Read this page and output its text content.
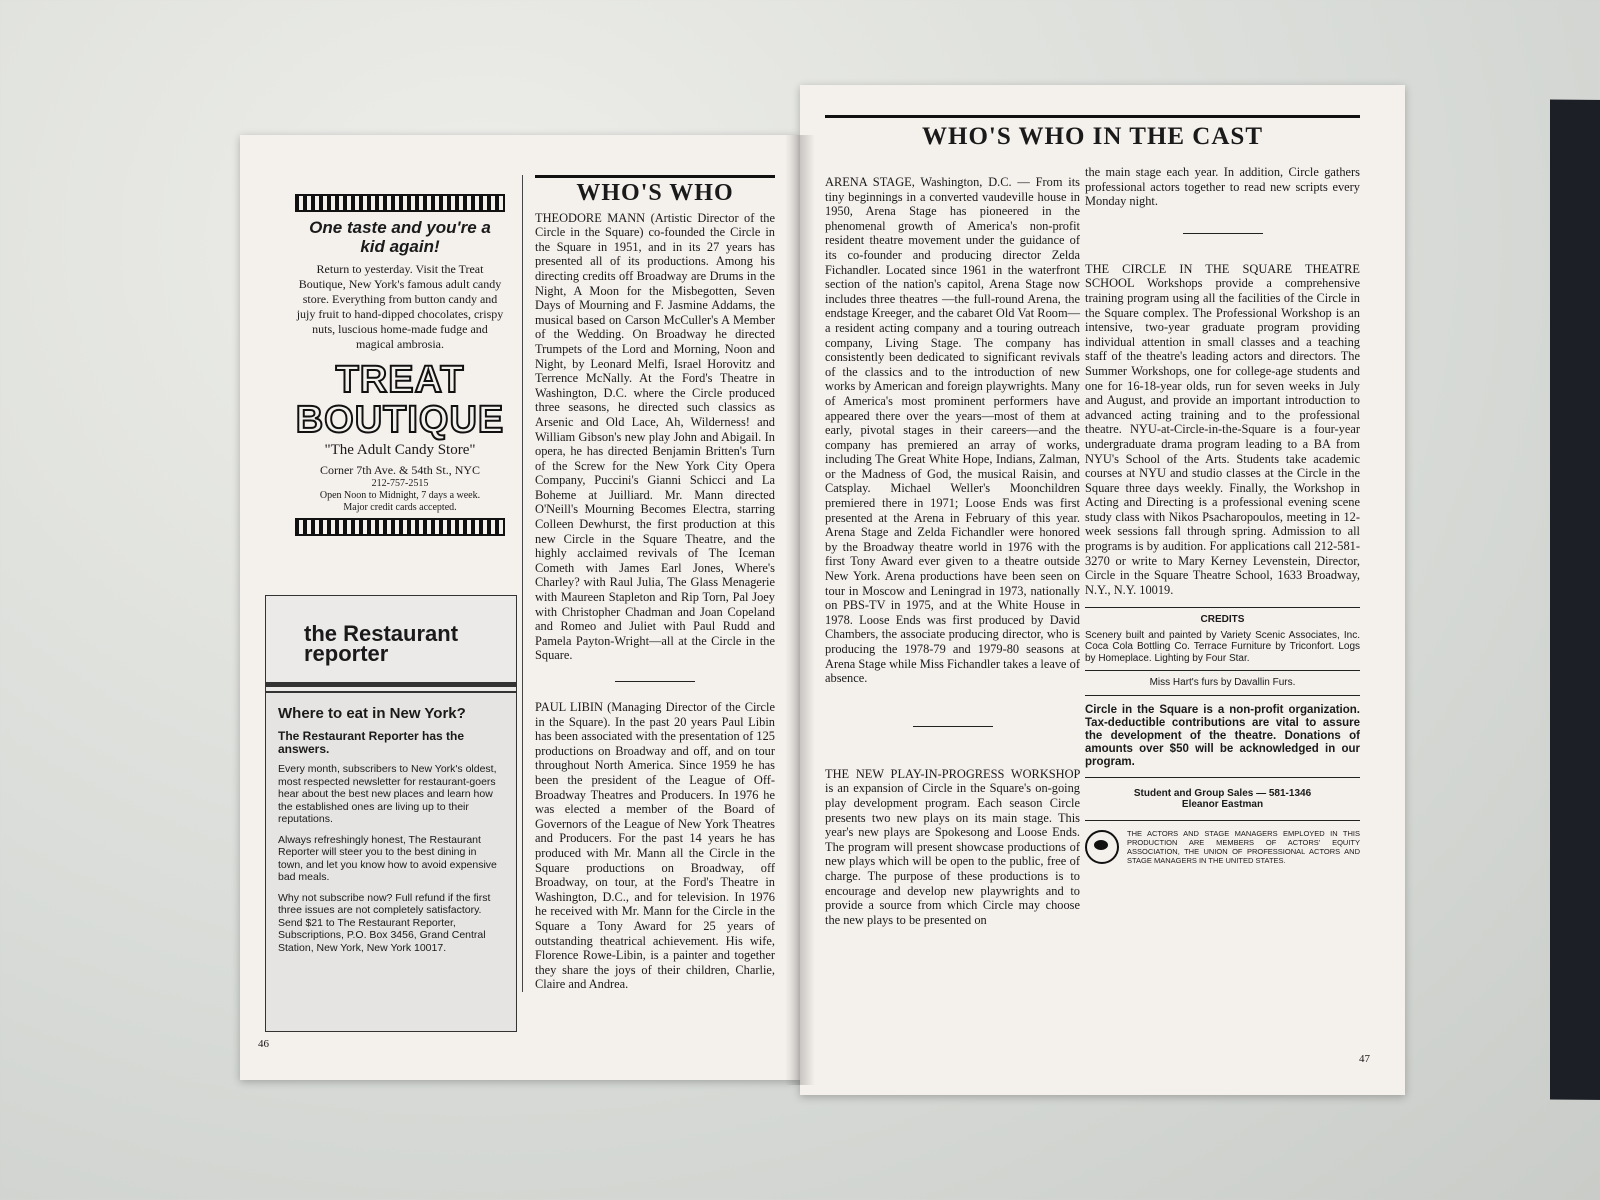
One taste and you're a kid again!
Return to yesterday. Visit the Treat Boutique, New York's famous adult candy store. Everything from button candy and jujy fruit to hand-dipped chocolates, crispy nuts, luscious home-made fudge and magical ambrosia.
TREAT BOUTIQUE
"The Adult Candy Store"
Corner 7th Ave. & 54th St., NYC
212-757-2515
Open Noon to Midnight, 7 days a week.
Major credit cards accepted.
the Restaurant reporter
Where to eat in New York?
The Restaurant Reporter has the answers.
Every month, subscribers to New York's oldest, most respected newsletter for restaurant-goers hear about the best new places and learn how the established ones are living up to their reputations.
Always refreshingly honest, The Restaurant Reporter will steer you to the best dining in town, and let you know how to avoid expensive bad meals.
Why not subscribe now? Full refund if the first three issues are not completely satisfactory. Send $21 to The Restaurant Reporter, Subscriptions, P.O. Box 3456, Grand Central Station, New York, New York 10017.
WHO'S WHO

THEODORE MANN (Artistic Director of the Circle in the Square) co-founded the Circle in the Square in 1951, and in its 27 years has presented all of its productions. Among his directing credits off Broadway are Drums in the Night, A Moon for the Misbegotten, Seven Days of Mourning and F. Jasmine Addams, the musical based on Carson McCuller's A Member of the Wedding. On Broadway he directed Trumpets of the Lord and Morning, Noon and Night, by Leonard Melfi, Israel Horovitz and Terrence McNally. At the Ford's Theatre in Washington, D.C. where the Circle produced three seasons, he directed such classics as Arsenic and Old Lace, Ah, Wilderness! and William Gibson's new play John and Abigail. In opera, he has directed Benjamin Britten's Turn of the Screw for the New York City Opera Company, Puccini's Gianni Schicci and La Boheme at Juilliard. Mr. Mann directed O'Neill's Mourning Becomes Electra, starring Colleen Dewhurst, the first production at this new Circle in the Square Theatre, and the highly acclaimed revivals of The Iceman Cometh with James Earl Jones, Where's Charley? with Raul Julia, The Glass Menagerie with Maureen Stapleton and Rip Torn, Pal Joey with Christopher Chadman and Joan Copeland and Romeo and Juliet with Paul Rudd and Pamela Payton-Wright—all at the Circle in the Square.

PAUL LIBIN (Managing Director of the Circle in the Square). In the past 20 years Paul Libin has been associated with the presentation of 125 productions on Broadway and off, and on tour throughout North America. Since 1959 he has been the president of the League of Off-Broadway Theatres and Producers. In 1976 he was elected a member of the Board of Governors of the League of New York Theatres and Producers. For the past 14 years he has produced with Mr. Mann all the Circle in the Square productions on Broadway, off Broadway, on tour, at the Ford's Theatre in Washington, D.C., and for television. In 1976 he received with Mr. Mann for the Circle in the Square a Tony Award for 25 years of outstanding theatrical achievement. His wife, Florence Rowe-Libin, is a painter and together they share the joys of their children, Charlie, Claire and Andrea.

46
WHO'S WHO IN THE CAST

ARENA STAGE, Washington, D.C. — From its tiny beginnings in a converted vaudeville house in 1950, Arena Stage has pioneered in the phenomenal growth of America's non-profit resident theatre movement under the guidance of its co-founder and producing director Zelda Fichandler. Located since 1961 in the waterfront section of the nation's capitol, Arena Stage now includes three theatres —the full-round Arena, the endstage Kreeger, and the cabaret Old Vat Room—a resident acting company and a touring outreach company, Living Stage. The company has consistently been dedicated to significant revivals of the classics and to the introduction of new works by American and foreign playwrights. Many of America's most prominent performers have appeared there over the years—most of them at early, pivotal stages in their careers—and the company has premiered an array of works, including The Great White Hope, Indians, Zalman, or the Madness of God, the musical Raisin, and Catsplay. Michael Weller's Moonchildren premiered there in 1971; Loose Ends was first presented at the Arena in February of this year. Arena Stage and Zelda Fichandler were honored by the Broadway theatre world in 1976 with the first Tony Award ever given to a theatre outside New York. Arena productions have been seen on tour in Moscow and Leningrad in 1973, nationally on PBS-TV in 1975, and at the White House in 1978. Loose Ends was first produced by David Chambers, the associate producing director, who is producing the 1978-79 and 1979-80 seasons at Arena Stage while Miss Fichandler takes a leave of absence.

THE NEW PLAY-IN-PROGRESS WORKSHOP is an expansion of Circle in the Square's on-going play development program. Each season Circle presents two new plays on its main stage. This year's new plays are Spokesong and Loose Ends. The program will present showcase productions of new plays which will be open to the public, free of charge. The purpose of these productions is to encourage and develop new playwrights and to provide a source from which Circle may choose the new plays to be presented on

the main stage each year. In addition, Circle gathers professional actors together to read new scripts every Monday night.

THE CIRCLE IN THE SQUARE THEATRE SCHOOL Workshops provide a comprehensive training program using all the facilities of the Circle in the Square complex. The Professional Workshop is an intensive, two-year graduate program providing individual attention in small classes and a teaching staff of the theatre's leading actors and directors. The Summer Workshops, one for college-age students and one for 16-18-year olds, run for seven weeks in July and August, and provide an important introduction to advanced acting training and to the professional theatre. NYU-at-Circle-in-the-Square is a four-year undergraduate drama program leading to a BA from NYU's School of the Arts. Students take academic courses at NYU and studio classes at the Circle in the Square three days weekly. Finally, the Workshop in Acting and Directing is a professional evening scene study class with Nikos Psacharopoulos, meeting in 12-week sessions fall through spring. Admission to all programs is by audition. For applications call 212-581-3270 or write to Mary Kerney Levenstein, Director, Circle in the Square Theatre School, 1633 Broadway, N.Y., N.Y. 10019.

CREDITS
Scenery built and painted by Variety Scenic Associates, Inc. Coca Cola Bottling Co. Terrace Furniture by Triconfort. Logs by Homeplace. Lighting by Four Star.
Miss Hart's furs by Davallin Furs.
Circle in the Square is a non-profit organization. Tax-deductible contributions are vital to assure the development of the theatre. Donations of amounts over $50 will be acknowledged in our program.
Student and Group Sales — 581-1346
Eleanor Eastman
THE ACTORS AND STAGE MANAGERS EMPLOYED IN THIS PRODUCTION ARE MEMBERS OF ACTORS' EQUITY ASSOCIATION, THE UNION OF PROFESSIONAL ACTORS AND STAGE MANAGERS IN THE UNITED STATES.
47
